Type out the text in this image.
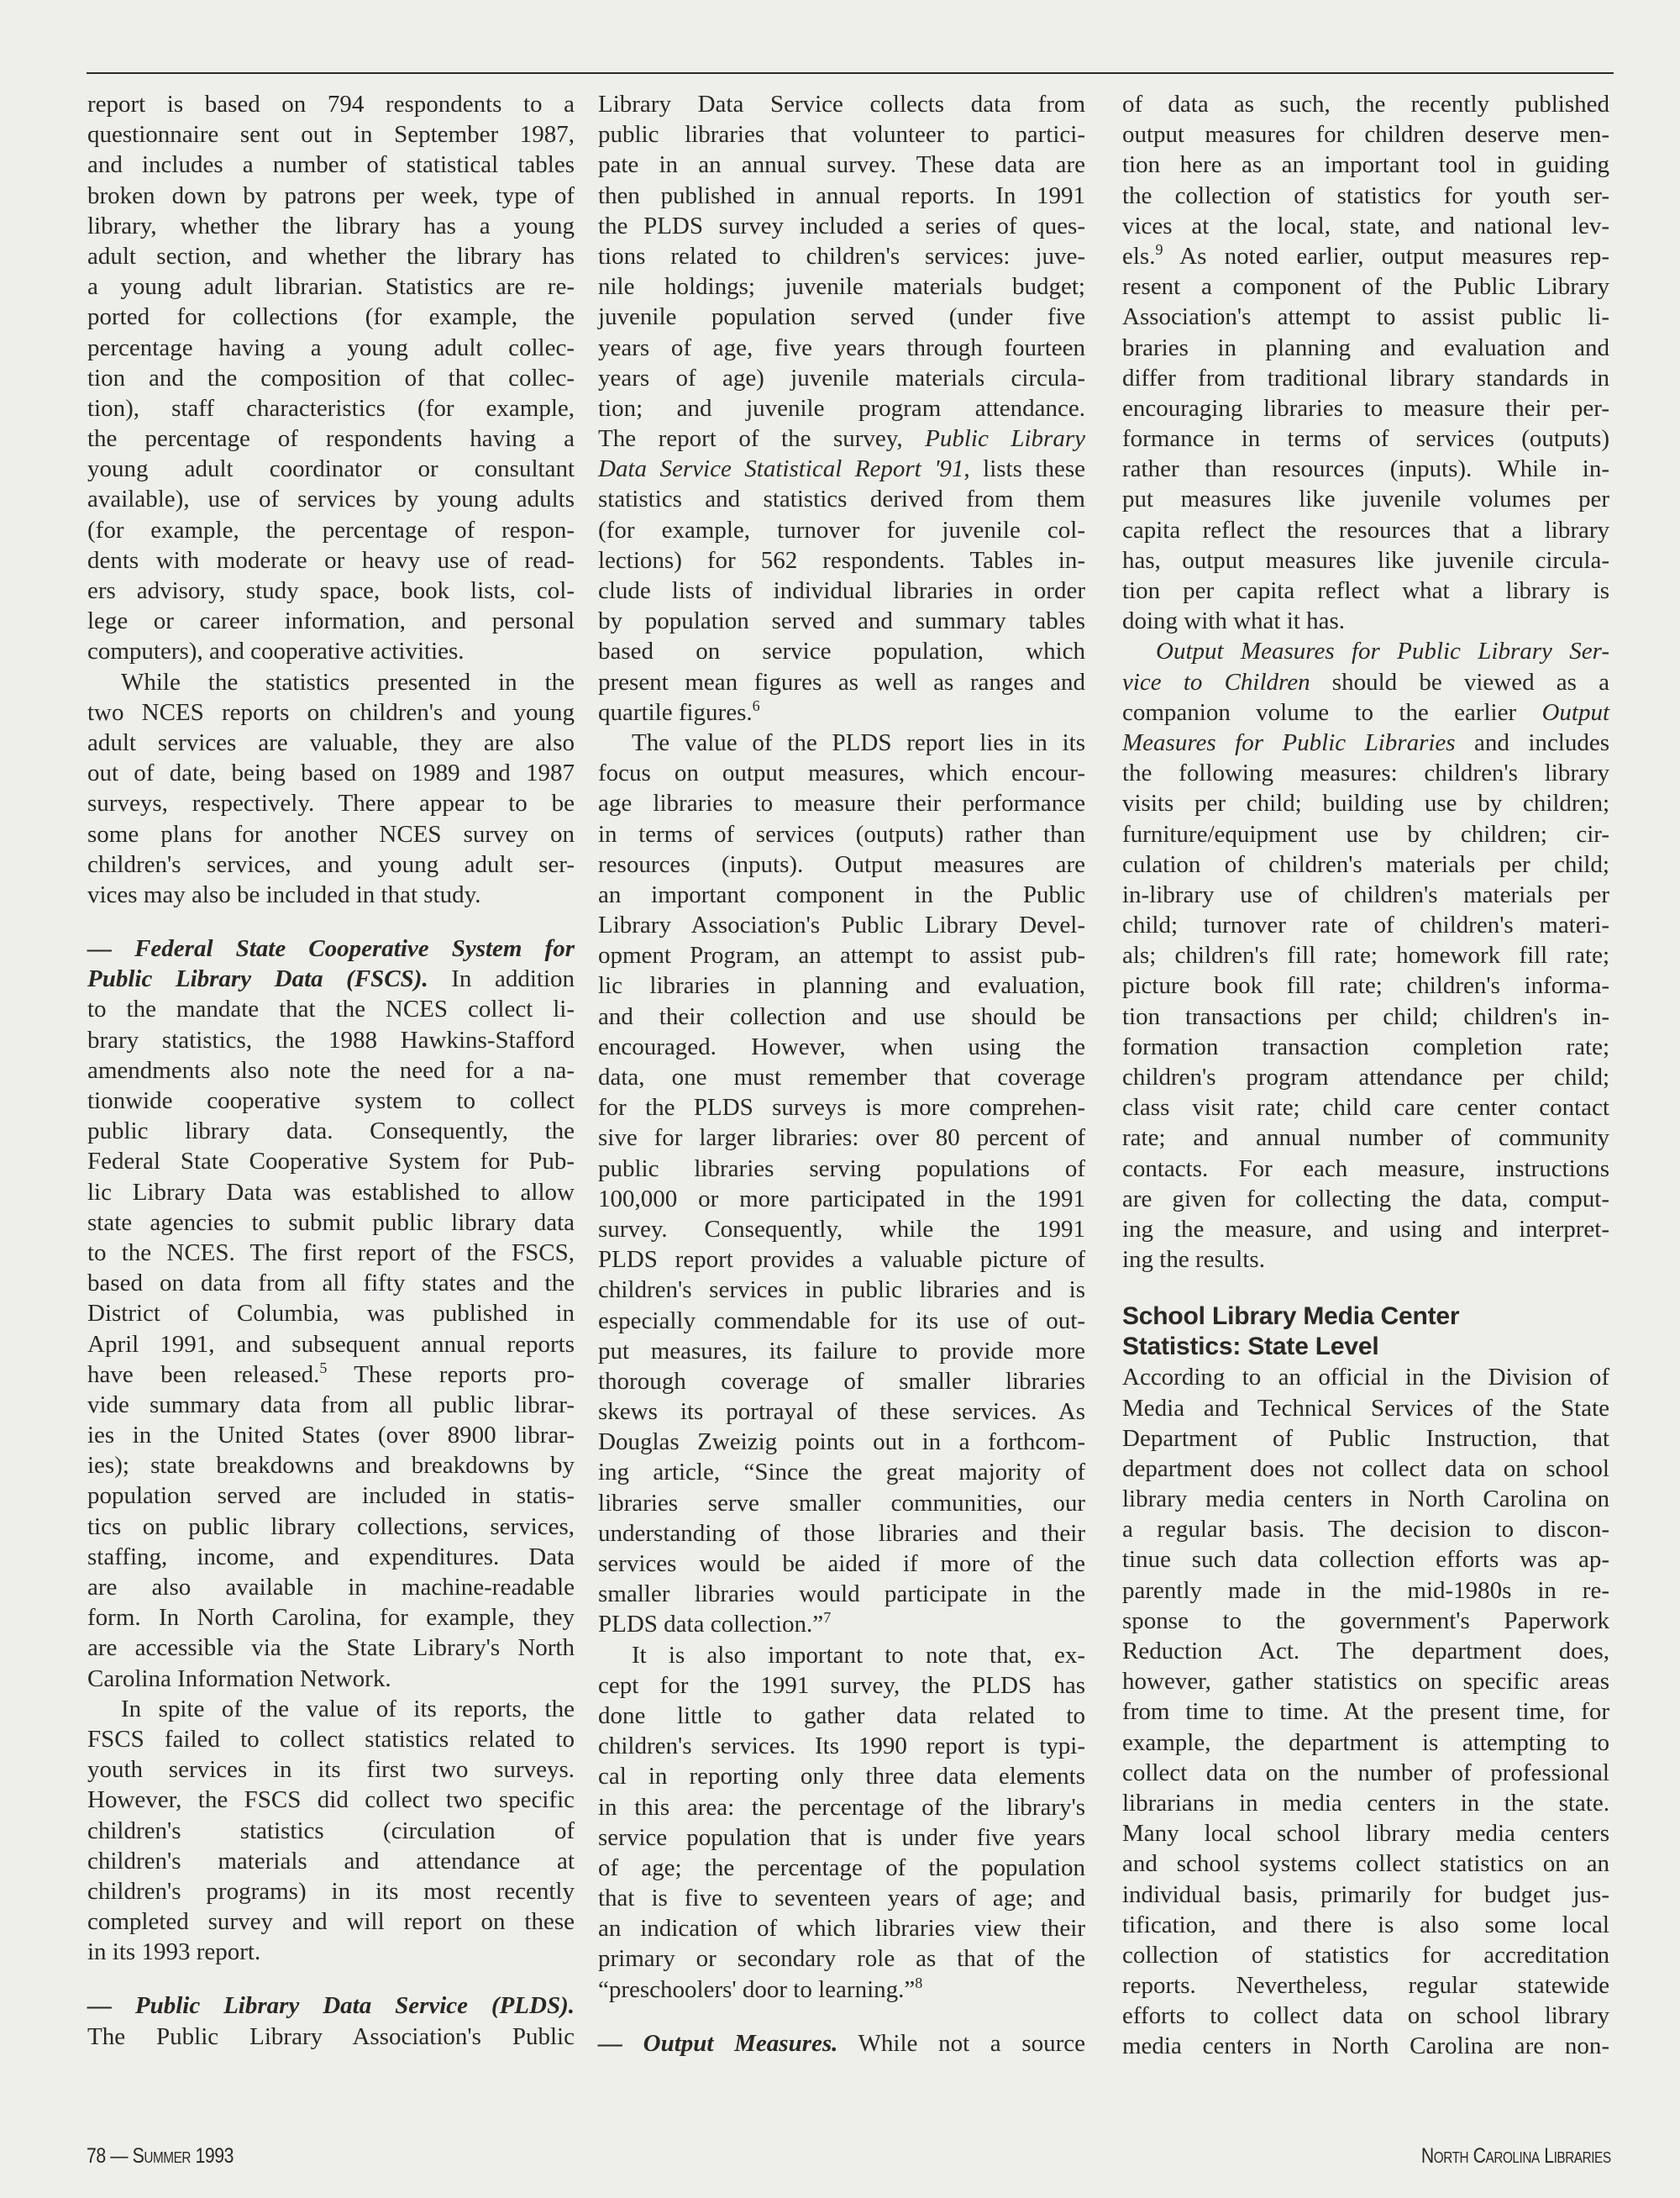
report is based on 794 respondents to a
questionnaire sent out in September 1987,
and includes a number of statistical tables
broken down by patrons per week, type of
library, whether the library has a young
adult section, and whether the library has
a young adult librarian. Statistics are re-
ported for collections (for example, the
percentage having a young adult collec-
tion and the composition of that collec-
tion), staff characteristics (for example,
the percentage of respondents having a
young adult coordinator or consultant
available), use of services by young adults
(for example, the percentage of respon-
dents with moderate or heavy use of read-
ers advisory, study space, book lists, col-
lege or career information, and personal
computers), and cooperative activities.
While the statistics presented in the
two NCES reports on children's and young
adult services are valuable, they are also
out of date, being based on 1989 and 1987
surveys, respectively. There appear to be
some plans for another NCES survey on
children's services, and young adult ser-
vices may also be included in that study.
— Federal State Cooperative System for
Public Library Data (FSCS). In addition
to the mandate that the NCES collect li-
brary statistics, the 1988 Hawkins-Stafford
amendments also note the need for a na-
tionwide cooperative system to collect
public library data. Consequently, the
Federal State Cooperative System for Pub-
lic Library Data was established to allow
state agencies to submit public library data
to the NCES. The first report of the FSCS,
based on data from all fifty states and the
District of Columbia, was published in
April 1991, and subsequent annual reports
have been released.$^5$ These reports pro-
vide summary data from all public librar-
ies in the United States (over 8900 librar-
ies); state breakdowns and breakdowns by
population served are included in statis-
tics on public library collections, services,
staffing, income, and expenditures. Data
are also available in machine-readable
form. In North Carolina, for example, they
are accessible via the State Library's North
Carolina Information Network.
In spite of the value of its reports, the
FSCS failed to collect statistics related to
youth services in its first two surveys.
However, the FSCS did collect two specific
children's statistics (circulation of
children's materials and attendance at
children's programs) in its most recently
completed survey and will report on these
in its 1993 report.
— Public Library Data Service (PLDS).
The Public Library Association's Public
Library Data Service collects data from
public libraries that volunteer to partici-
pate in an annual survey. These data are
then published in annual reports. In 1991
the PLDS survey included a series of ques-
tions related to children's services: juve-
nile holdings; juvenile materials budget;
juvenile population served (under five
years of age, five years through fourteen
years of age) juvenile materials circula-
tion; and juvenile program attendance.
The report of the survey, Public Library
Data Service Statistical Report '91, lists these
statistics and statistics derived from them
(for example, turnover for juvenile col-
lections) for 562 respondents. Tables in-
clude lists of individual libraries in order
by population served and summary tables
based on service population, which
present mean figures as well as ranges and
quartile figures.$^6$
The value of the PLDS report lies in its
focus on output measures, which encour-
age libraries to measure their performance
in terms of services (outputs) rather than
resources (inputs). Output measures are
an important component in the Public
Library Association's Public Library Devel-
opment Program, an attempt to assist pub-
lic libraries in planning and evaluation,
and their collection and use should be
encouraged. However, when using the
data, one must remember that coverage
for the PLDS surveys is more comprehen-
sive for larger libraries: over 80 percent of
public libraries serving populations of
100,000 or more participated in the 1991
survey. Consequently, while the 1991
PLDS report provides a valuable picture of
children's services in public libraries and is
especially commendable for its use of out-
put measures, its failure to provide more
thorough coverage of smaller libraries
skews its portrayal of these services. As
Douglas Zweizig points out in a forthcom-
ing article, “Since the great majority of
libraries serve smaller communities, our
understanding of those libraries and their
services would be aided if more of the
smaller libraries would participate in the
PLDS data collection.”$^7$
It is also important to note that, ex-
cept for the 1991 survey, the PLDS has
done little to gather data related to
children's services. Its 1990 report is typi-
cal in reporting only three data elements
in this area: the percentage of the library's
service population that is under five years
of age; the percentage of the population
that is five to seventeen years of age; and
an indication of which libraries view their
primary or secondary role as that of the
“preschoolers' door to learning.”$^8$
— Output Measures. While not a source
of data as such, the recently published
output measures for children deserve men-
tion here as an important tool in guiding
the collection of statistics for youth ser-
vices at the local, state, and national lev-
els.$^9$ As noted earlier, output measures rep-
resent a component of the Public Library
Association's attempt to assist public li-
braries in planning and evaluation and
differ from traditional library standards in
encouraging libraries to measure their per-
formance in terms of services (outputs)
rather than resources (inputs). While in-
put measures like juvenile volumes per
capita reflect the resources that a library
has, output measures like juvenile circula-
tion per capita reflect what a library is
doing with what it has.
Output Measures for Public Library Ser-
vice to Children should be viewed as a
companion volume to the earlier Output
Measures for Public Libraries and includes
the following measures: children's library
visits per child; building use by children;
furniture/equipment use by children; cir-
culation of children's materials per child;
in-library use of children's materials per
child; turnover rate of children's materi-
als; children's fill rate; homework fill rate;
picture book fill rate; children's informa-
tion transactions per child; children's in-
formation transaction completion rate;
children's program attendance per child;
class visit rate; child care center contact
rate; and annual number of community
contacts. For each measure, instructions
are given for collecting the data, comput-
ing the measure, and using and interpret-
ing the results.
School Library Media Center
Statistics: State Level
According to an official in the Division of
Media and Technical Services of the State
Department of Public Instruction, that
department does not collect data on school
library media centers in North Carolina on
a regular basis. The decision to discon-
tinue such data collection efforts was ap-
parently made in the mid-1980s in re-
sponse to the government's Paperwork
Reduction Act. The department does,
however, gather statistics on specific areas
from time to time. At the present time, for
example, the department is attempting to
collect data on the number of professional
librarians in media centers in the state.
Many local school library media centers
and school systems collect statistics on an
individual basis, primarily for budget jus-
tification, and there is also some local
collection of statistics for accreditation
reports. Nevertheless, regular statewide
efforts to collect data on school library
media centers in North Carolina are non-
78 — Summer 1993	North Carolina Libraries
